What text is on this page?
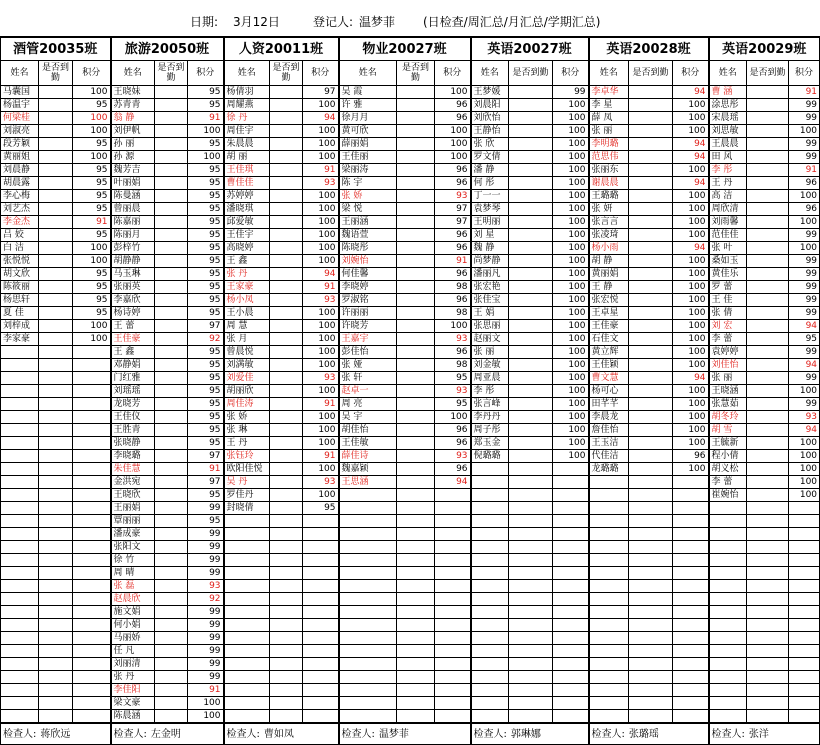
日期: 3月12日	登记人: 温梦菲 (日检查/周汇总/月汇总/学期汇总)
酒管20035班			旅游20050班			人资20011班			物业20027班			英语20027班			英语20028班			英语20029班		
姓名	是否到勤	积分	姓名	是否到勤	积分	姓名	是否到勤	积分	姓名	是否到勤	积分	姓名	是否到勤	积分	姓名	是否到勤	积分	姓名	是否到勤	积分
马囊国		100	王晓妹		95	杨倩羽		97	吴 霞		100	王梦媛		99	李卓华		94	曹 涵		91
杨温宇		95	苏青青		95	周耀燕		100	许 雅		96	刘晨阳		100	李 星		100	涂思彤		99
何梁桂		100	翁 静		91	徐 丹		94	徐月月		96	刘欣怡		100	薛 凤		100	宋晨瑶		99
刘淑亮		100	刘伊帆		100	周佳宇		100	黄可欣		100	王静怡		100	张 丽		100	刘思敏		100
段芳颖		95	孙 丽		95	朱晨晨		100	薛丽娟		100	张 欣		100	李明璐		94	王晨晨		99
黄丽姐		100	孙 源		100	胡 丽		100	王佳丽		100	罗文倩		100	范思伟		94	田 风		99
刘晨静		95	魏芳吉		95	王佳琪		91	梁丽涛		96	潘 静		100	张丽东		100	李 彤		91
胡晨露		95	叶丽娟		95	曹佳佳		93	陈 宇		96	何 彤		100	谢晨晨		94	王 丹		96
李心梅		95	陈曼涵		95	苏婷婷		100	张 娇		93	丁一一		100	王璐璐		100	高 洁		100
刘艺杰		95	曾丽晨		95	潘晓琪		100	梁 悦		97	袁梦琴		100	张 妍		100	周欣清		96
李金杰		91	陈嘉丽		95	邱爱敏		100	王丽涵		97	王明丽		100	张言言		100	刘雨馨		100
吕 姣		95	陈丽月		95	王佳宇		100	魏语萱		96	刘 星		100	张凌琦		100	范佳佳		99
白 洁		100	彭梓竹		95	高晓婷		100	陈晓彤		96	魏 静		100	杨小雨		94	张 叶		100
张悦悦		100	胡静静		95	王 鑫		100	刘婉怡		91	尚梦静		100	胡 静		100	桑如玉		99
胡文欣		95	马玉琳		95	张 丹		94	何佳馨		96	潘丽凡		100	黄丽娟		100	黄佳乐		99
陈筱丽		95	张丽英		95	王家豪		91	李晓婷		98	张宏艳		100	王 静		100	罗 蕾		99
杨思轩		95	李嘉欣		95	杨小凤		93	罗淑铭		96	张佳宝		100	张宏悦		100	王 佳		99
夏 佳		95	杨诗婷		95	王小晨		100	许丽丽		98	王 娟		100	王卓星		100	张 倩		99
刘梓成		100	王 蕾		97	周 慧		100	许晓芳		100	张思丽		100	王佳豪		100	刘 宏		94
李家豪		100	王佳豪		92	张 月		100	王嘉宇		93	赵丽文		100	石佳文		100	李 蕾		95
			王 鑫		95	曾晨悦		100	彭佳怡		96	张 丽		100	黄立辉		100	袁婷婷		99
			邓静娟		95	刘满敏		100	张 娅		98	刘金敏		100	王佳颖		100	刘佳怡		94
			门红雅		95	刘爱佳		93	张 轩		95	周亚晨		100	曹文慧		94	张 丽		99
			刘瑶瑶		95	胡丽欣		100	赵卓一		93	李 彤		100	杨可心		100	王晓涵		100
			龙晓芳		95	周佳涛		91	周 亮		95	张言峰		100	田芊芊		100	张慧茹		99
			王佳仪		95	张 娇		100	吴 宇		100	李丹丹		100	李晨龙		100	胡冬玲		93
			王胜青		95	张 琳		100	胡佳怡		96	周子彤		100	詹佳怡		100	胡 雪		94
			张晓静		95	王 丹		100	王佳敏		96	郑玉金		100	王玉洁		100	王毓新		100
			李晓璐		97	张钰玲		91	薛佳诗		93	倪璐璐		100	代佳洁		96	程小倩		100
			朱佳慧		91	欧阳佳悦		100	魏嘉颖		96				龙璐璐		100	胡义松		100
			金洪宛		97	吴 丹		93	王思涵		94							李 蕾		100
			王晓欣		95	罗佳丹		100										崔婉怡		100
			王丽娟		99	封晓倩		95												
			覃丽丽		95															
			潘成豪		99															
			张阳文		99															
			徐 竹		99															
			周 晴		99															
			张 磊		93															
			赵晨欣		92															
			施文娟		99															
			何小娟		99															
			马丽娇		99															
			任 凡		99															
			刘丽清		99															
			张 丹		99															
			李佳阳		91															
			梁文豪		100															
			陈晨涵		100															
检查人: 蒋欣远			检查人: 左金明			检查人: 曹如凤			检查人: 温梦菲			检查人: 郭琳娜			检查人: 张璐瑶			检查人: 张洋		
